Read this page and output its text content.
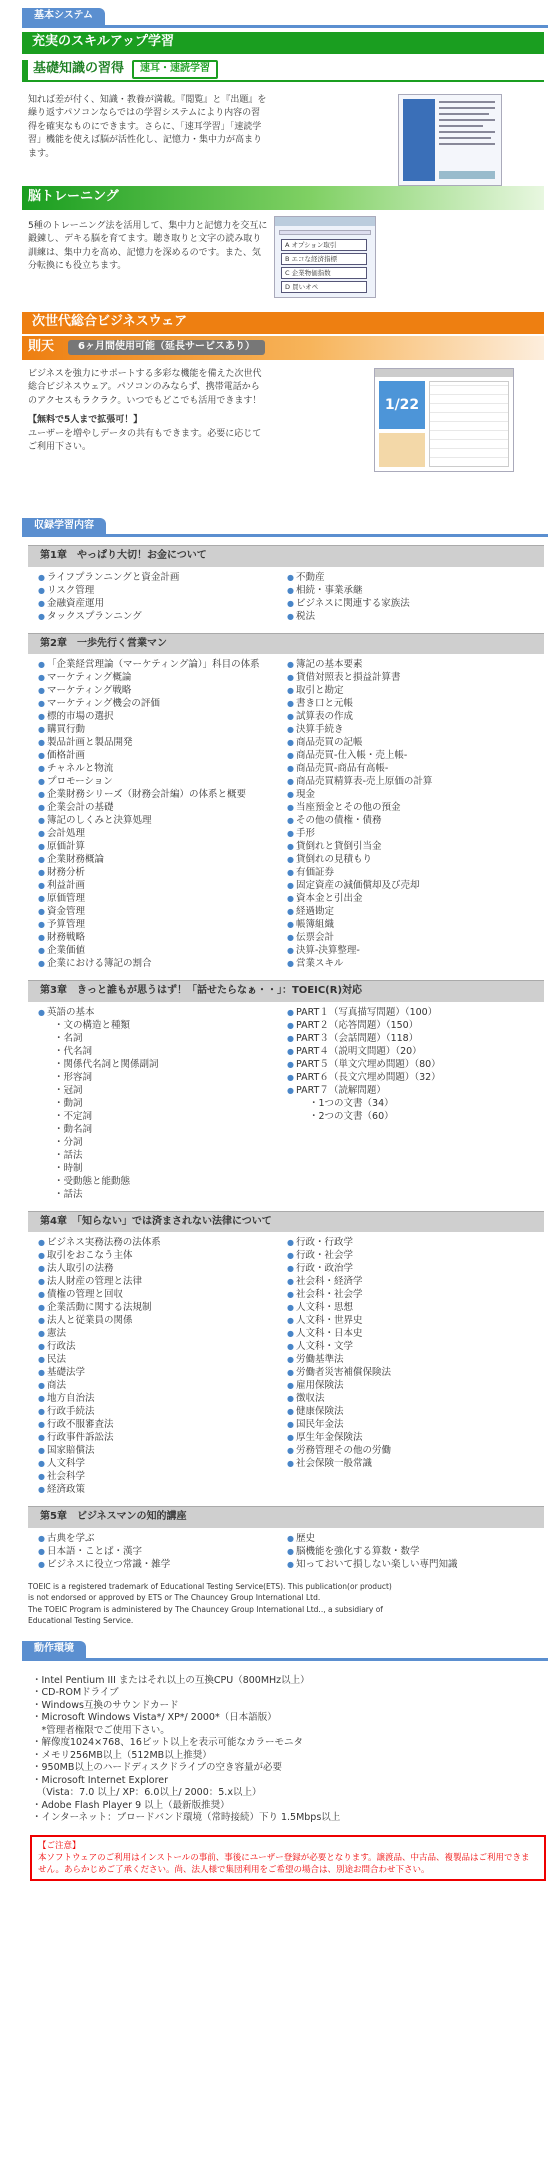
基本システム
充実のスキルアップ学習
基礎知識の習得	速耳・速読学習

知れば差が付く、知識・教養が満載。『閲覧』と『出題』を繰り返すパソコンならではの学習システムにより内容の習得を確実なものにできます。さらに、「速耳学習」「速読学習」機能を使えば脳が活性化し、記憶力・集中力が高まります。

脳トレーニング

5種のトレーニング法を活用して、集中力と記憶力を交互に鍛錬し、デキる脳を育てます。聴き取りと文字の読み取り訓練は、集中力を高め、記憶力を深めるのです。また、気分転換にも役立ちます。

A オプション取引
B エコな経済指標
C 企業物価指数
D 買いオペ
次世代総合ビジネスウェア
則天	6ヶ月間使用可能（延長サービスあり）

ビジネスを強力にサポートする多彩な機能を備えた次世代総合ビジネスウェア。パソコンのみならず、携帯電話からのアクセスもラクラク。いつでもどこでも活用できます！

【無料で5人まで拡張可！】

ユーザーを増やしデータの共有もできます。必要に応じてご利用下さい。

1/22
収録学習内容
第1章　やっぱり大切！お金について
● ライフプランニングと資金計画
● リスク管理
● 金融資産運用
● タックスプランニング
● 不動産
● 相続・事業承継
● ビジネスに関連する家族法
● 税法
第2章　一歩先行く営業マン
● 「企業経営理論（マーケティング論）」科目の体系
● マーケティング概論
● マーケティング戦略
● マーケティング機会の評価
● 標的市場の選択
● 購買行動
● 製品計画と製品開発
● 価格計画
● チャネルと物流
● プロモーション
● 企業財務シリーズ（財務会計編）の体系と概要
● 企業会計の基礎
● 簿記のしくみと決算処理
● 会計処理
● 原価計算
● 企業財務概論
● 財務分析
● 利益計画
● 原価管理
● 資金管理
● 予算管理
● 財務戦略
● 企業価値
● 企業における簿記の割合
● 簿記の基本要素
● 貸借対照表と損益計算書
● 取引と勘定
● 書き口と元帳
● 試算表の作成
● 決算手続き
● 商品売買の記帳
● 商品売買-仕入帳・売上帳-
● 商品売買-商品有高帳-
● 商品売買精算表-売上原価の計算
● 現金
● 当座預金とその他の預金
● その他の債権・債務
● 手形
● 貸倒れと貸倒引当金
● 貸倒れの見積もり
● 有価証券
● 固定資産の減価償却及び売却
● 資本金と引出金
● 経過勘定
● 帳簿組織
● 伝票会計
● 決算-決算整理-
● 営業スキル
第3章　きっと誰もが思うはず！「話せたらなぁ・・」：TOEIC(R)対応
● 英語の基本
・文の構造と種類
・名詞
・代名詞
・関係代名詞と関係副詞
・形容詞
・冠詞
・動詞
・不定詞
・動名詞
・分詞
・話法
・時制
・受動態と能動態
・話法
● PART１（写真描写問題）（100）
● PART２（応答問題）（150）
● PART３（会話問題）（118）
● PART４（説明文問題）（20）
● PART５（単文穴埋め問題）（80）
● PART６（長文穴埋め問題）（32）
● PART７（読解問題）
・1つの文書（34）
・2つの文書（60）
第4章　「知らない」では済まされない法律について
● ビジネス実務法務の法体系
● 取引をおこなう主体
● 法人取引の法務
● 法人財産の管理と法律
● 債権の管理と回収
● 企業活動に関する法規制
● 法人と従業員の関係
● 憲法
● 行政法
● 民法
● 基礎法学
● 商法
● 地方自治法
● 行政手続法
● 行政不服審査法
● 行政事件訴訟法
● 国家賠償法
● 人文科学
● 社会科学
● 経済政策
● 行政・行政学
● 行政・社会学
● 行政・政治学
● 社会科・経済学
● 社会科・社会学
● 人文科・思想
● 人文科・世界史
● 人文科・日本史
● 人文科・文学
● 労働基準法
● 労働者災害補償保険法
● 雇用保険法
● 徴収法
● 健康保険法
● 国民年金法
● 厚生年金保険法
● 労務管理その他の労働
● 社会保険一般常識
第5章　ビジネスマンの知的講座
● 古典を学ぶ
● 日本語・ことば・漢字
● ビジネスに役立つ常識・雑学
● 歴史
● 脳機能を強化する算数・数学
● 知っておいて損しない楽しい専門知識
TOEIC is a registered trademark of Educational Testing Service(ETS). This publication(or product)
is not endorsed or approved by ETS or The Chauncey Group International Ltd.
The TOEIC Program is administered by The Chauncey Group International Ltd.., a subsidiary of
Educational Testing Service.
動作環境
・Intel Pentium III またはそれ以上の互換CPU（800MHz以上）
・CD-ROMドライブ
・Windows互換のサウンドカード
・Microsoft Windows Vista*/ XP*/ 2000*（日本語版）
　*管理者権限でご使用下さい。
・解像度1024×768、16ビット以上を表示可能なカラーモニタ
・メモリ256MB以上（512MB以上推奨）
・950MB以上のハードディスクドライブの空き容量が必要
・Microsoft Internet Explorer
　（Vista：7.0 以上/ XP：6.0以上/ 2000：5.x以上）
・Adobe Flash Player 9 以上（最新版推奨）
・インターネット：ブロードバンド環境（常時接続）下り 1.5Mbps以上
【ご注意】
本ソフトウェアのご利用はインストールの事前、事後にユーザー登録が必要となります。譲渡品、中古品、複製品はご利用できません。あらかじめご了承ください。尚、法人様で集団利用をご希望の場合は、別途お問合わせ下さい。
